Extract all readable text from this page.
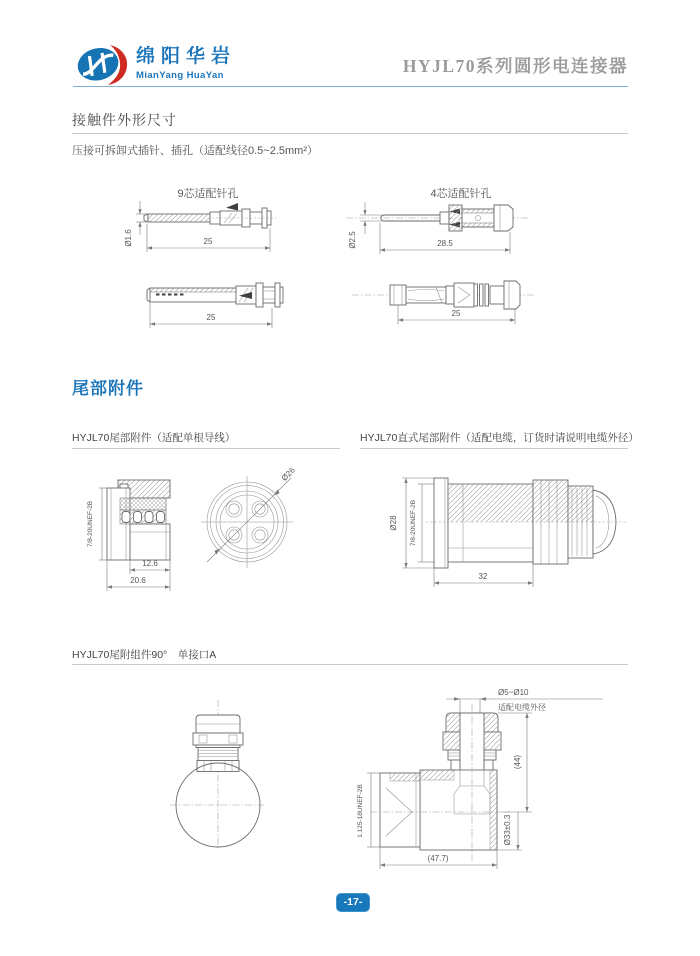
绵阳华岩
MianYang HuaYan	HYJL70系列圆形电连接器
接触件外形尺寸
压接可拆卸式插针、插孔（适配线径0.5~2.5mm²）
9芯适配针孔	4芯适配针孔
Ø1.6	25
25
Ø2.5	28.5
25
尾部附件
HYJL70尾部附件（适配单根导线）	HYJL70直式尾部附件（适配电缆，订货时请说明电缆外径）
7/8-20UNEF-2B
12.6
20.6
Ø26
Ø28 7/8-20UNEF-2B
32
HYJL70尾附组件90°　单接口A
Ø5~Ø10
适配电缆外径
(44)
Ø33±0.3
1.125-18UNEF-2B
(47.7)
-17-
